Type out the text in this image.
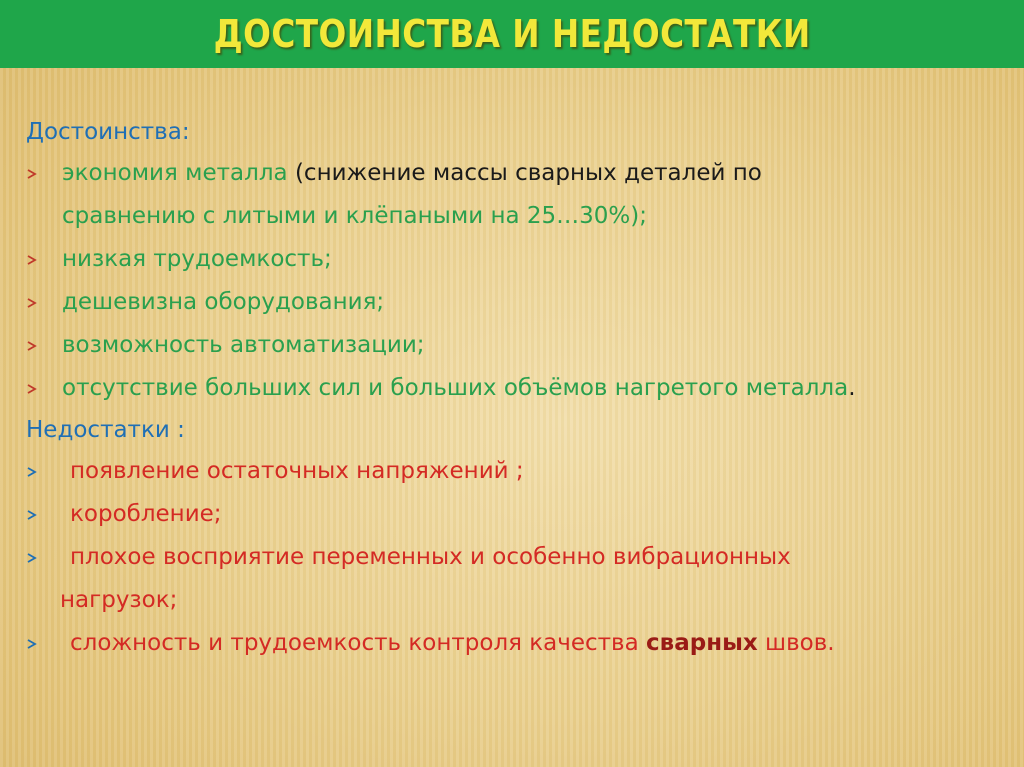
ДОСТОИНСТВА И НЕДОСТАТКИ
Достоинства:
экономия металла (снижение массы сварных деталей по
сравнению с литыми и клёпаными на 25…30%);
низкая трудоемкость;
дешевизна оборудования;
возможность автоматизации;
отсутствие больших сил и больших объёмов нагретого металла.
Недостатки :
появление остаточных напряжений ;
коробление;
плохое восприятие переменных и особенно вибрационных
нагрузок;
сложность и трудоемкость контроля качества сварных швов.
